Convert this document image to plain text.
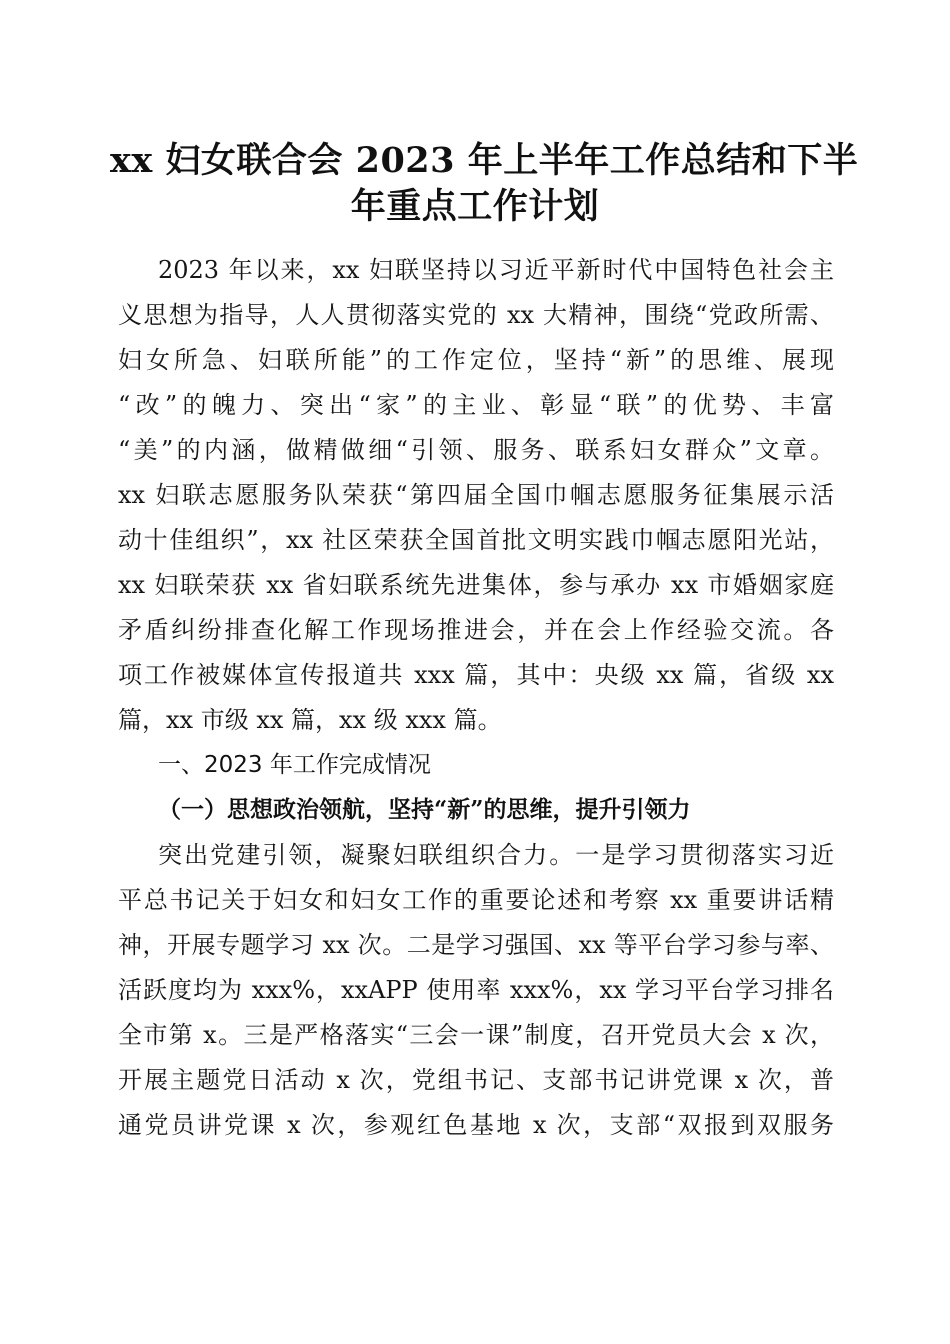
xx 妇女联合会 2023 年上半年工作总结和下半
年重点工作计划
2023 年以来，xx 妇联坚持以习近平新时代中国特色社会主
义思想为指导，人人贯彻落实党的 xx 大精神，围绕“党政所需、
妇女所急、妇联所能”的工作定位，坚持“新”的思维、展现
“改”的魄力、突出“家”的主业、彰显“联”的优势、丰富
“美”的内涵，做精做细“引领、服务、联系妇女群众”文章。
xx 妇联志愿服务队荣获“第四届全国巾帼志愿服务征集展示活
动十佳组织”，xx 社区荣获全国首批文明实践巾帼志愿阳光站，
xx 妇联荣获 xx 省妇联系统先进集体，参与承办 xx 市婚姻家庭
矛盾纠纷排查化解工作现场推进会，并在会上作经验交流。各
项工作被媒体宣传报道共 xxx 篇，其中：央级 xx 篇，省级 xx
篇，xx 市级 xx 篇，xx 级 xxx 篇。
一、2023 年工作完成情况
（一）思想政治领航，坚持“新”的思维，提升引领力
突出党建引领，凝聚妇联组织合力。一是学习贯彻落实习近
平总书记关于妇女和妇女工作的重要论述和考察 xx 重要讲话精
神，开展专题学习 xx 次。二是学习强国、xx 等平台学习参与率、
活跃度均为 xxx%，xxAPP 使用率 xxx%，xx 学习平台学习排名
全市第 x。三是严格落实“三会一课”制度，召开党员大会 x 次，
开展主题党日活动 x 次，党组书记、支部书记讲党课 x 次，普
通党员讲党课 x 次，参观红色基地 x 次，支部“双报到双服务
